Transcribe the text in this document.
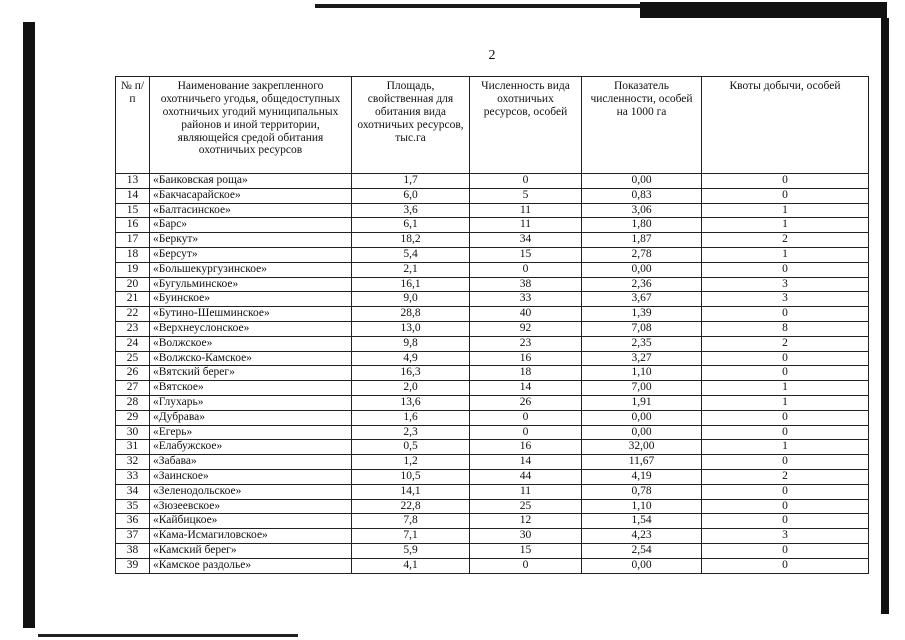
2
№ п/п	Наименование закрепленного охотничьего угодья, общедоступных охотничьих угодий муниципальных районов и иной территории, являющейся средой обитания охотничьих ресурсов	Площадь, свойственная для обитания вида охотничьих ресурсов, тыс.га	Численность вида охотничьих ресурсов, особей	Показатель численности, особей на 1000 га	Квоты добычи, особей
13	«Баиковская роща»	1,7	0	0,00	0
14	«Бакчасарайское»	6,0	5	0,83	0
15	«Балтасинское»	3,6	11	3,06	1
16	«Барс»	6,1	11	1,80	1
17	«Беркут»	18,2	34	1,87	2
18	«Берсут»	5,4	15	2,78	1
19	«Большекургузинское»	2,1	0	0,00	0
20	«Бугульминское»	16,1	38	2,36	3
21	«Буинское»	9,0	33	3,67	3
22	«Бутино-Шешминское»	28,8	40	1,39	0
23	«Верхнеуслонское»	13,0	92	7,08	8
24	«Волжское»	9,8	23	2,35	2
25	«Волжско-Камское»	4,9	16	3,27	0
26	«Вятский берег»	16,3	18	1,10	0
27	«Вятское»	2,0	14	7,00	1
28	«Глухарь»	13,6	26	1,91	1
29	«Дубрава»	1,6	0	0,00	0
30	«Егерь»	2,3	0	0,00	0
31	«Елабужское»	0,5	16	32,00	1
32	«Забава»	1,2	14	11,67	0
33	«Заинское»	10,5	44	4,19	2
34	«Зеленодольское»	14,1	11	0,78	0
35	«Зюзеевское»	22,8	25	1,10	0
36	«Кайбицкое»	7,8	12	1,54	0
37	«Кама-Исмагиловское»	7,1	30	4,23	3
38	«Камский берег»	5,9	15	2,54	0
39	«Камское раздолье»	4,1	0	0,00	0
